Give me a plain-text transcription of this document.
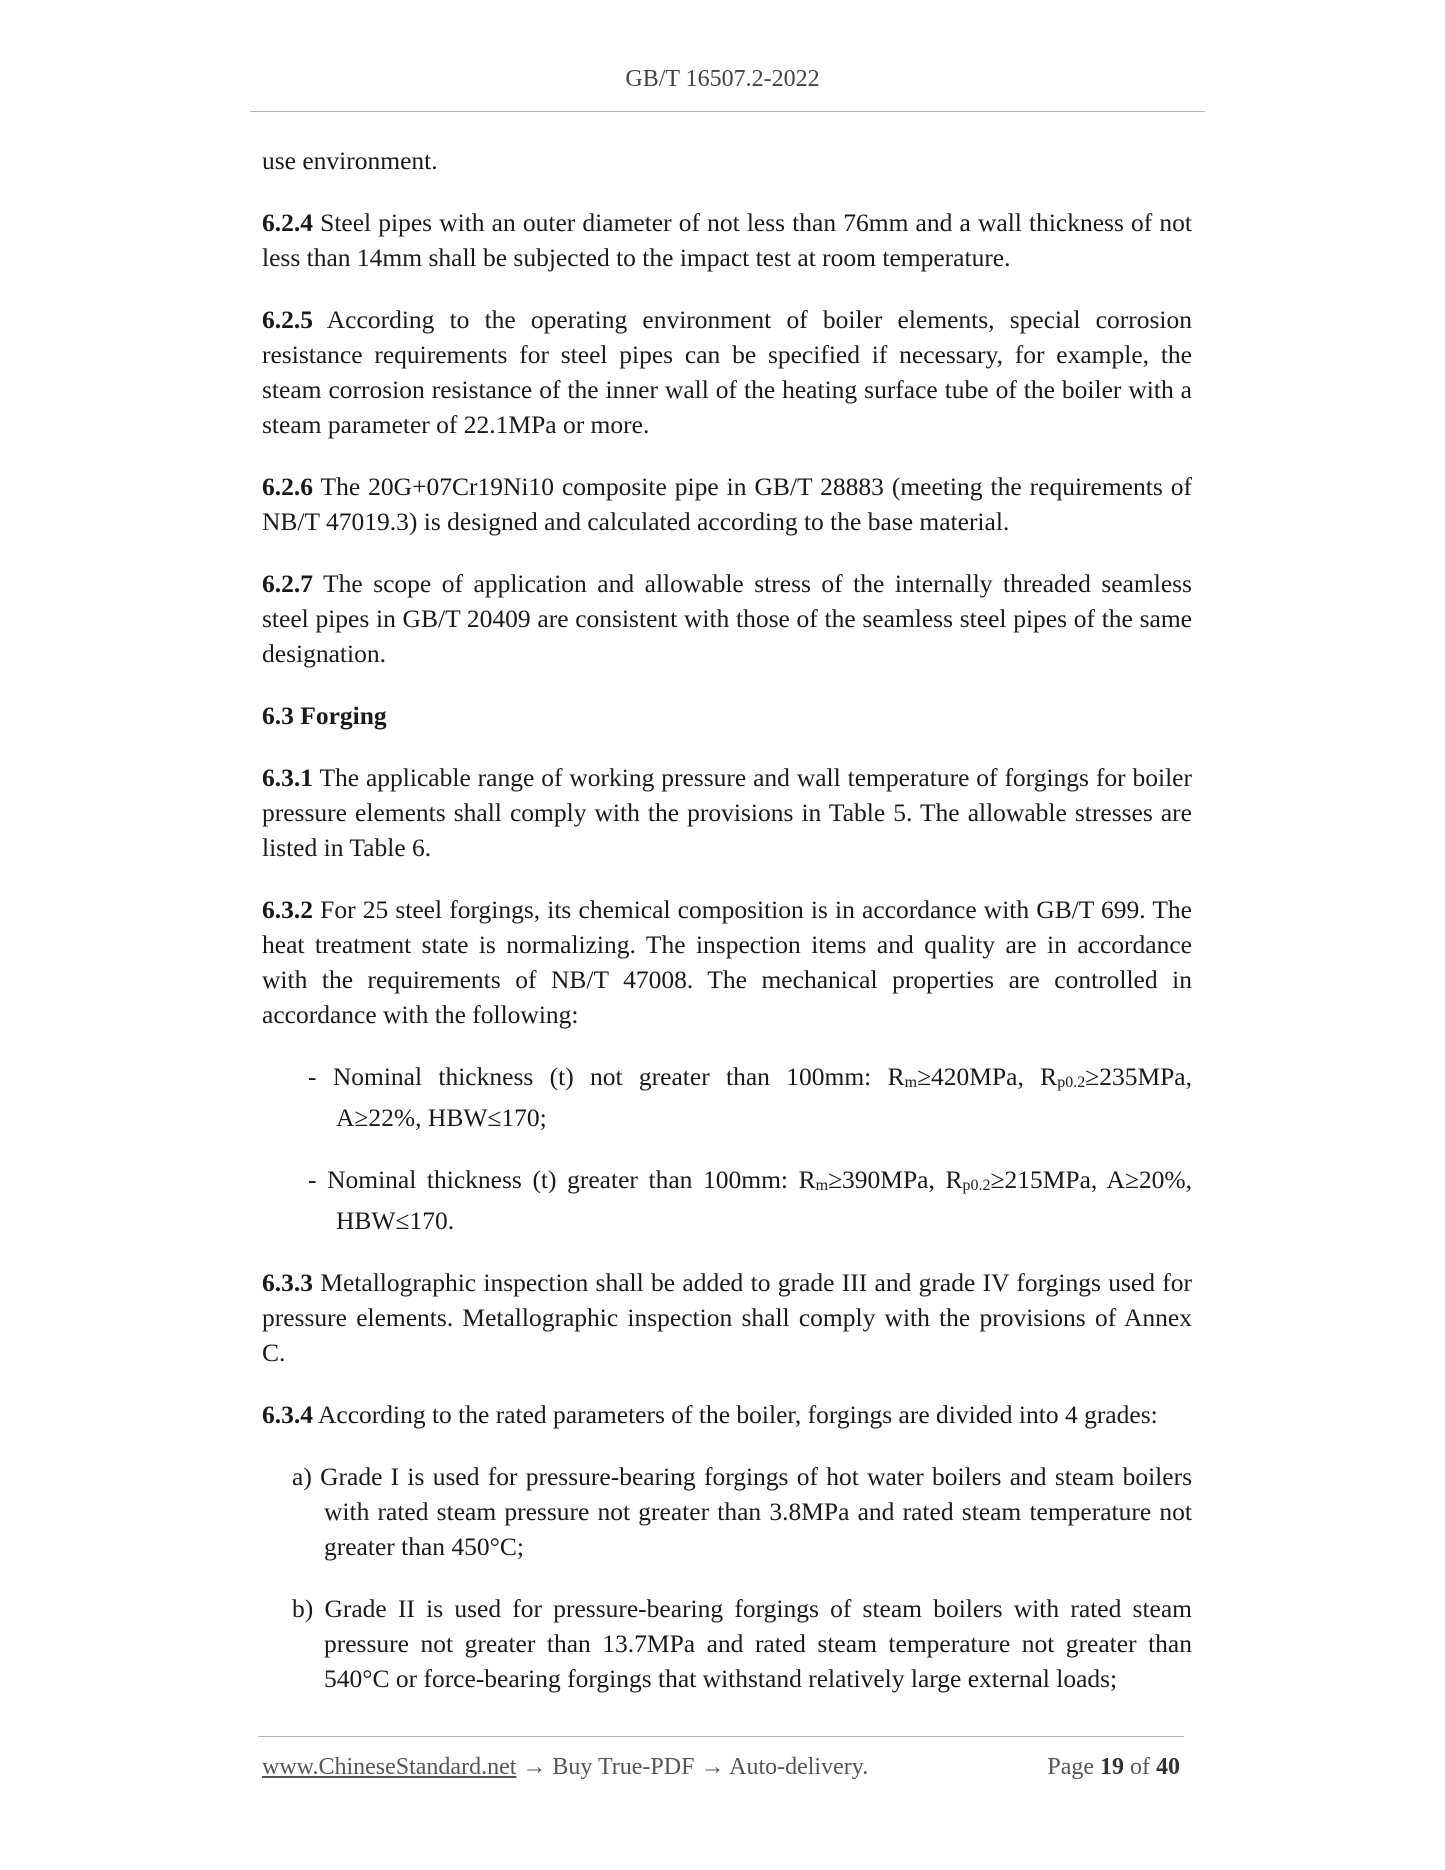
GB/T 16507.2-2022

use environment.

6.2.4 Steel pipes with an outer diameter of not less than 76mm and a wall thickness of not less than 14mm shall be subjected to the impact test at room temperature.

6.2.5 According to the operating environment of boiler elements, special corrosion resistance requirements for steel pipes can be specified if necessary, for example, the steam corrosion resistance of the inner wall of the heating surface tube of the boiler with a steam parameter of 22.1MPa or more.

6.2.6 The 20G+07Cr19Ni10 composite pipe in GB/T 28883 (meeting the requirements of NB/T 47019.3) is designed and calculated according to the base material.

6.2.7 The scope of application and allowable stress of the internally threaded seamless steel pipes in GB/T 20409 are consistent with those of the seamless steel pipes of the same designation.

6.3 Forging

6.3.1 The applicable range of working pressure and wall temperature of forgings for boiler pressure elements shall comply with the provisions in Table 5. The allowable stresses are listed in Table 6.

6.3.2 For 25 steel forgings, its chemical composition is in accordance with GB/T 699. The heat treatment state is normalizing. The inspection items and quality are in accordance with the requirements of NB/T 47008. The mechanical properties are controlled in accordance with the following:

- Nominal thickness (t) not greater than 100mm: $R_m\ge 420MPa$, $R_{p0.2}\ge 235MPa$, A≥22%, HBW≤170;

- Nominal thickness (t) greater than 100mm: $R_m\ge 390MPa$, $R_{p0.2}\ge 215MPa$, A≥20%, HBW≤170.

6.3.3 Metallographic inspection shall be added to grade III and grade IV forgings used for pressure elements. Metallographic inspection shall comply with the provisions of Annex C.

6.3.4 According to the rated parameters of the boiler, forgings are divided into 4 grades:

a) Grade I is used for pressure-bearing forgings of hot water boilers and steam boilers with rated steam pressure not greater than 3.8MPa and rated steam temperature not greater than 450°C;

b) Grade II is used for pressure-bearing forgings of steam boilers with rated steam pressure not greater than 13.7MPa and rated steam temperature not greater than 540°C or force-bearing forgings that withstand relatively large external loads;

www.ChineseStandard.net → Buy True-PDF → Auto-delivery.	Page 19 of 40
